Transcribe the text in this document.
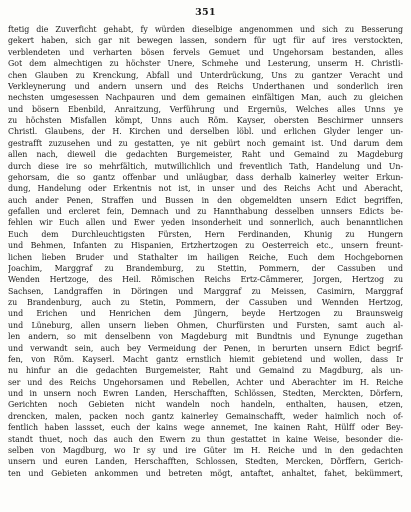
351
ftetig die Zuverficht gehabt, fy würden dieselbige angenommen und sich zu Besserung
gekert haben, sich gar nit bewegen lassen, sondern für ugt für auf ires verstockten,
verblendeten und verharten bösen fervels Gemuet und Ungehorsam bestanden, alles
Got dem almechtigen zu höchster Unere, Schmehe und Lesterung, unserm H. Christli-
chen Glauben zu Krenckung, Abfall und Unterdrückung, Uns zu gantzer Veracht und
Verkleynerung und andern unsern und des Reichs Underthanen und sonderlich iren
nechsten umgesessen Nachpauren und dem gemainen einfältigen Man, auch zu gleichen
und bösern Ebenbild, Anraitzung, Verführung und Ergernüs, Welches alles Unns ye
zu höchsten Misfallen kömpt, Unns auch Röm. Kayser, obersten Beschirmer unnsers
Christl. Glaubens, der H. Kirchen und derselben löbl. und erlichen Glyder lenger un-
gestrafft zuzusehen und zu gestatten, ye nit gebürt noch gemaint ist. Und darum dem
allen nach, dieweil die gedachten Burgemeister, Raht und Gemaind zu Magdeburg
durch diese ire so mehrfältich, mutwillichlich und freventlich Tath, Handelung und Un-
gehorsam, die so gantz offenbar und unläugbar, dass derhalb kainerley weiter Erkun-
dung, Handelung oder Erkentnis not ist, in unser und des Reichs Acht und Aberacht,
auch ander Penen, Straffen und Bussen in den obgemeldten unsern Edict begriffen,
gefallen und ercleret fein, Demnach und zu Hannthabung desselben unnsers Edicts be-
fehlen wir Euch allen und Ewer yeden insonderheit und sonnerlich, auch benanntlichen
Euch dem Durchleuchtigsten Fürsten, Hern Ferdinanden, Khunig zu Hungern
und Behmen, Infanten zu Hispanien, Ertzhertzogen zu Oesterreich etc., unsern freunt-
lichen lieben Bruder und Stathalter im hailigen Reiche, Euch dem Hochgebornen
Joachim, Marggraf zu Brandemburg, zu Stettin, Pommern, der Cassuben und
Wenden Hertzoge, des Heil. Römischen Reichs Ertz-Cämmerer, Jorgen, Hertzog zu
Sachsen, Landgraffen in Döringen und Marggraf zu Meissen, Casimirn, Marggraf
zu Brandenburg, auch zu Stetin, Pommern, der Cassuben und Wennden Hertzog,
und Erichen und Henrichen dem Jüngern, beyde Hertzogen zu Braunsweig
und Lüneburg, allen unsern lieben Ohmen, Churfürsten und Fursten, samt auch al-
len andern, so mit denselbenn von Magdeburg mit Bundtnis und Eynunge zugethan
und verwandt sein, auch bey Vermeidung der Penen, in berurten unsern Edict begrif-
fen, von Röm. Kayserl. Macht gantz ernstlich hiemit gebietend und wollen, dass Ir
nu hinfur an die gedachten Burgemeister, Raht und Gemaind zu Magdburg, als un-
ser und des Reichs Ungehorsamen und Rebellen, Achter und Aberachter im H. Reiche
und in unsern noch Ewren Landen, Herschafften, Schlössen, Stedten, Merckten, Dörfern,
Gerichten noch Gebieten nicht wandeln noch handeln, enthalten, hausen, etzen,
drencken, malen, packen noch gantz kainerley Gemainschafft, weder haimlich noch of-
fentlich haben lassset, euch der kains wege annemet, Ine kainen Raht, Hülff oder Bey-
standt thuet, noch das auch den Ewern zu thun gestattet in kaine Weise, besonder die-
selben von Magdburg, wo Ir sy und ire Güter im H. Reiche und in den gedachten
unsern und euren Landen, Herschafften, Schlossen, Stedten, Mercken, Dörffern, Gerich-
ten und Gebieten ankommen und betreten mögt, antaftet, anhaltet, fahet, bekümmert,
